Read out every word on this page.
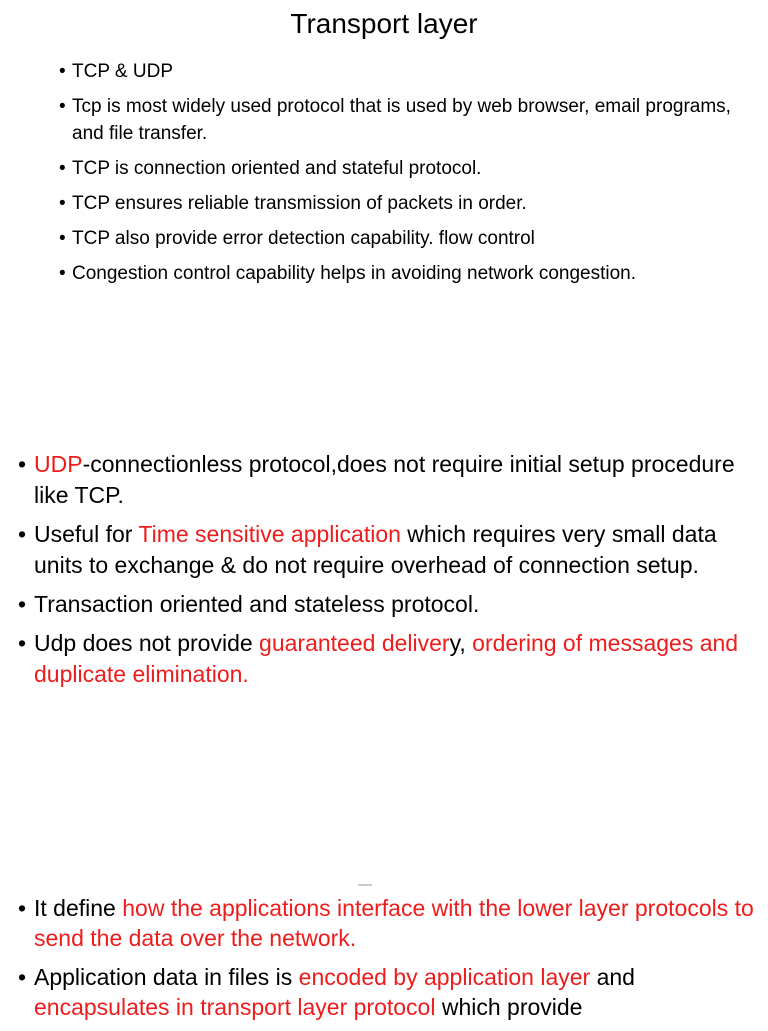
Transport layer
• TCP & UDP
• Tcp is most widely used protocol that is used by web browser, email programs, and file transfer.
• TCP is connection oriented and stateful protocol.
• TCP ensures reliable transmission of packets in order.
• TCP also provide error detection capability. flow control
• Congestion control capability helps in avoiding network congestion.
• UDP-connectionless protocol,does not require initial setup procedure like TCP.
• Useful for Time sensitive application which requires very small data units to exchange & do not require overhead of connection setup.
• Transaction oriented and stateless protocol.
• Udp does not provide guaranteed delivery, ordering of messages and duplicate elimination.
• It define how the applications interface with the lower layer protocols to send the data over the network.
• Application data in files is encoded by application layer and encapsulates in transport layer protocol which provide
